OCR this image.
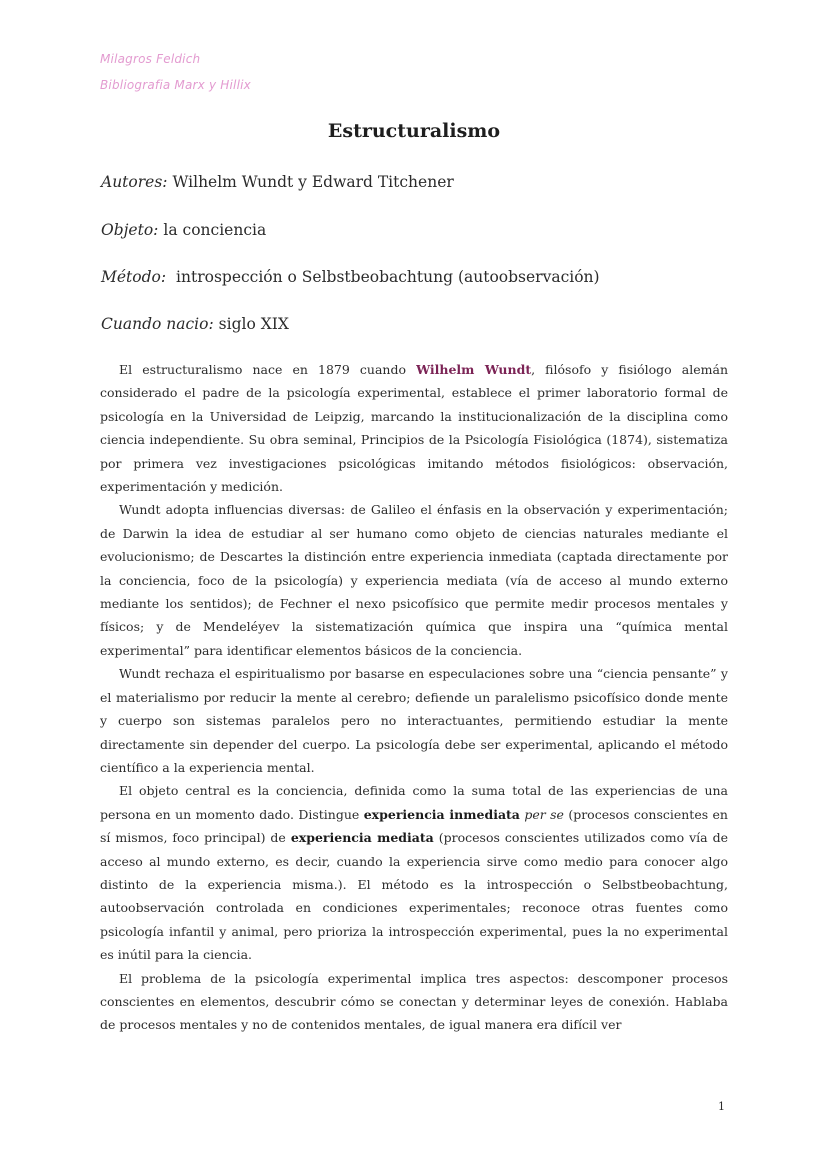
Milagros Feldich
Bibliografia Marx y Hillix
Estructuralismo
Autores: Wilhelm Wundt y Edward Titchener
Objeto: la conciencia
Método: introspección o Selbstbeobachtung (autoobservación)
Cuando nacio: siglo XIX

El estructuralismo nace en 1879 cuando Wilhelm Wundt, filósofo y fisiólogo alemán considerado el padre de la psicología experimental, establece el primer laboratorio formal de psicología en la Universidad de Leipzig, marcando la institucionalización de la disciplina como ciencia independiente. Su obra seminal, Principios de la Psicología Fisiológica (1874), sistematiza por primera vez investigaciones psicológicas imitando métodos fisiológicos: observación, experimentación y medición.

Wundt adopta influencias diversas: de Galileo el énfasis en la observación y experimentación; de Darwin la idea de estudiar al ser humano como objeto de ciencias naturales mediante el evolucionismo; de Descartes la distinción entre experiencia inmediata (captada directamente por la conciencia, foco de la psicología) y experiencia mediata (vía de acceso al mundo externo mediante los sentidos); de Fechner el nexo psicofísico que permite medir procesos mentales y físicos; y de Mendeléyev la sistematización química que inspira una “química mental experimental” para identificar elementos básicos de la conciencia.

Wundt rechaza el espiritualismo por basarse en especulaciones sobre una “ciencia pensante” y el materialismo por reducir la mente al cerebro; defiende un paralelismo psicofísico donde mente y cuerpo son sistemas paralelos pero no interactuantes, permitiendo estudiar la mente directamente sin depender del cuerpo. La psicología debe ser experimental, aplicando el método científico a la experiencia mental.

El objeto central es la conciencia, definida como la suma total de las experiencias de una persona en un momento dado. Distingue experiencia inmediata per se (procesos conscientes en sí mismos, foco principal) de experiencia mediata (procesos conscientes utilizados como vía de acceso al mundo externo, es decir, cuando la experiencia sirve como medio para conocer algo distinto de la experiencia misma.). El método es la introspección o Selbstbeobachtung, autoobservación controlada en condiciones experimentales; reconoce otras fuentes como psicología infantil y animal, pero prioriza la introspección experimental, pues la no experimental es inútil para la ciencia.

El problema de la psicología experimental implica tres aspectos: descomponer procesos conscientes en elementos, descubrir cómo se conectan y determinar leyes de conexión. Hablaba de procesos mentales y no de contenidos mentales, de igual manera era difícil ver

1
